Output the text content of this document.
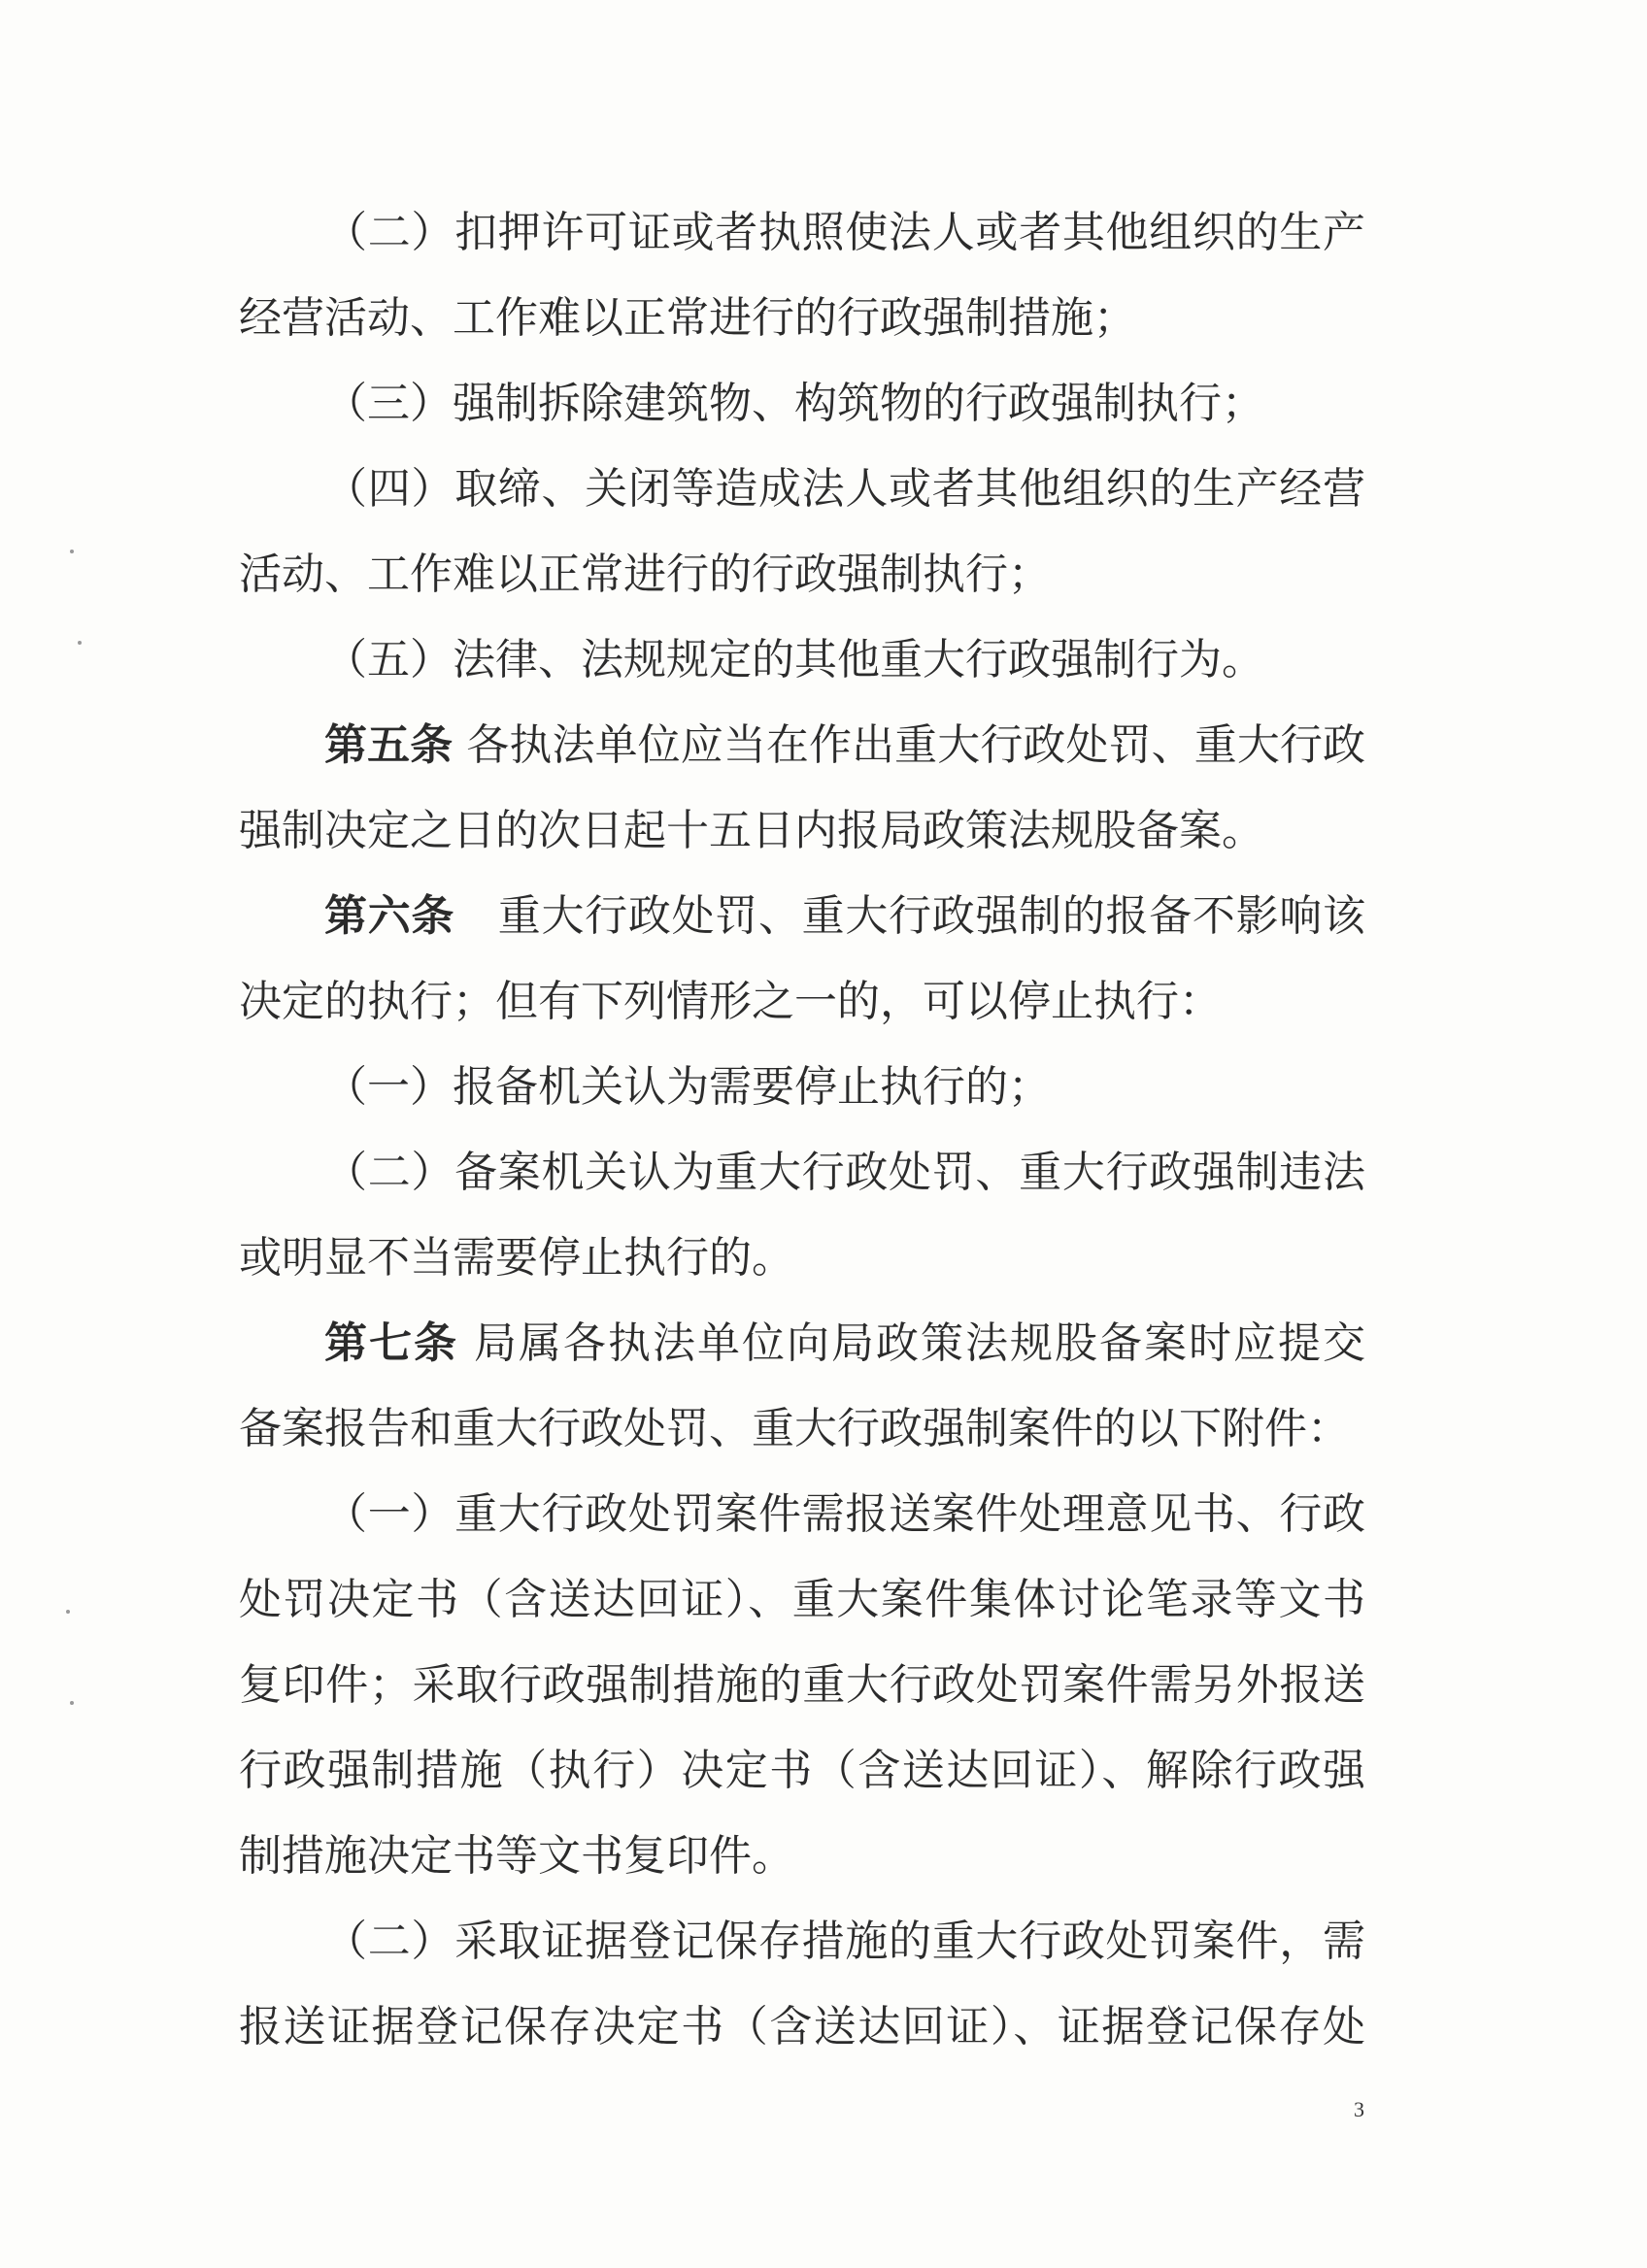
（二）扣押许可证或者执照使法人或者其他组织的生产
经营活动、工作难以正常进行的行政强制措施；
（三）强制拆除建筑物、构筑物的行政强制执行；
（四）取缔、关闭等造成法人或者其他组织的生产经营
活动、工作难以正常进行的行政强制执行；
（五）法律、法规规定的其他重大行政强制行为。
第五条 各执法单位应当在作出重大行政处罚、重大行政
强制决定之日的次日起十五日内报局政策法规股备案。
第六条　重大行政处罚、重大行政强制的报备不影响该
决定的执行；但有下列情形之一的，可以停止执行：
（一）报备机关认为需要停止执行的；
（二）备案机关认为重大行政处罚、重大行政强制违法
或明显不当需要停止执行的。
第七条 局属各执法单位向局政策法规股备案时应提交
备案报告和重大行政处罚、重大行政强制案件的以下附件：
（一）重大行政处罚案件需报送案件处理意见书、行政
处罚决定书（含送达回证）、重大案件集体讨论笔录等文书
复印件；采取行政强制措施的重大行政处罚案件需另外报送
行政强制措施（执行）决定书（含送达回证）、解除行政强
制措施决定书等文书复印件。
（二）采取证据登记保存措施的重大行政处罚案件，需
报送证据登记保存决定书（含送达回证）、证据登记保存处
3
